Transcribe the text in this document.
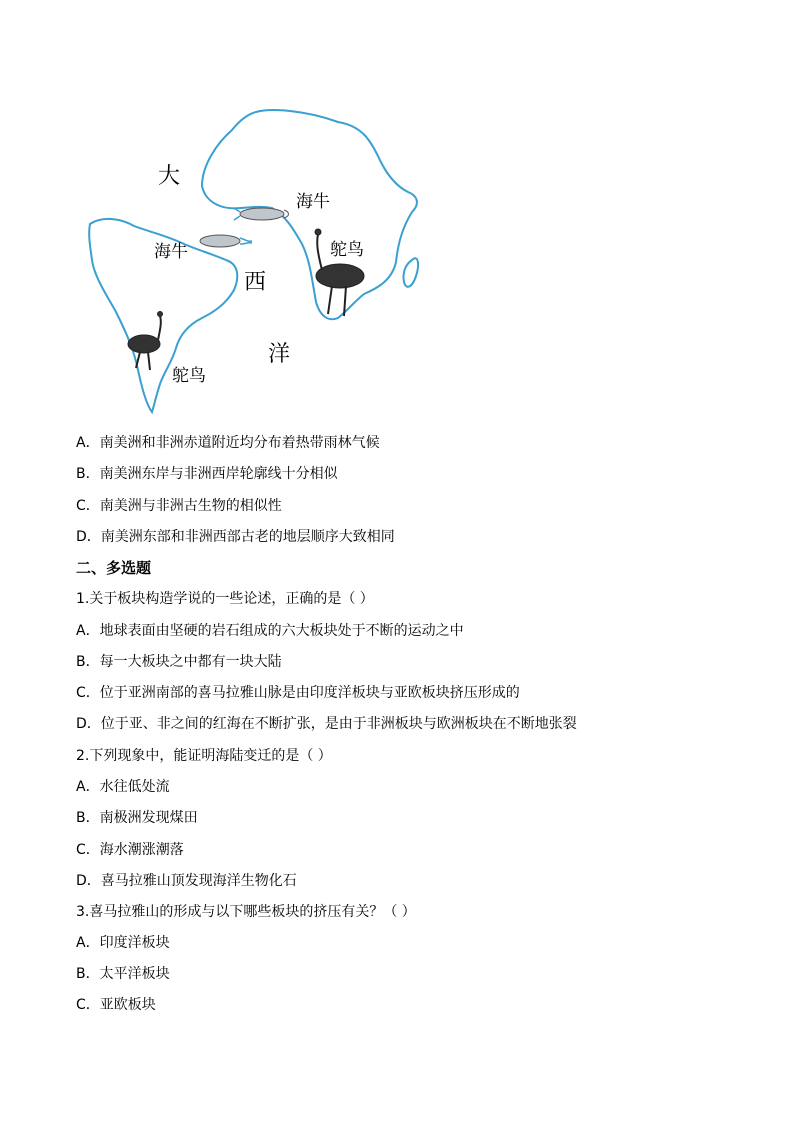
大
西
洋
海牛
海牛	鸵鸟
鸵鸟
A．南美洲和非洲赤道附近均分布着热带雨林气候
B．南美洲东岸与非洲西岸轮廓线十分相似
C．南美洲与非洲古生物的相似性
D．南美洲东部和非洲西部古老的地层顺序大致相同
二、多选题
1.关于板块构造学说的一些论述，正确的是（ ）
A．地球表面由坚硬的岩石组成的六大板块处于不断的运动之中
B．每一大板块之中都有一块大陆
C．位于亚洲南部的喜马拉雅山脉是由印度洋板块与亚欧板块挤压形成的
D．位于亚、非之间的红海在不断扩张，是由于非洲板块与欧洲板块在不断地张裂
2.下列现象中，能证明海陆变迁的是（ ）
A．水往低处流
B．南极洲发现煤田
C．海水潮涨潮落
D．喜马拉雅山顶发现海洋生物化石
3.喜马拉雅山的形成与以下哪些板块的挤压有关？（ ）
A．印度洋板块
B．太平洋板块
C．亚欧板块
